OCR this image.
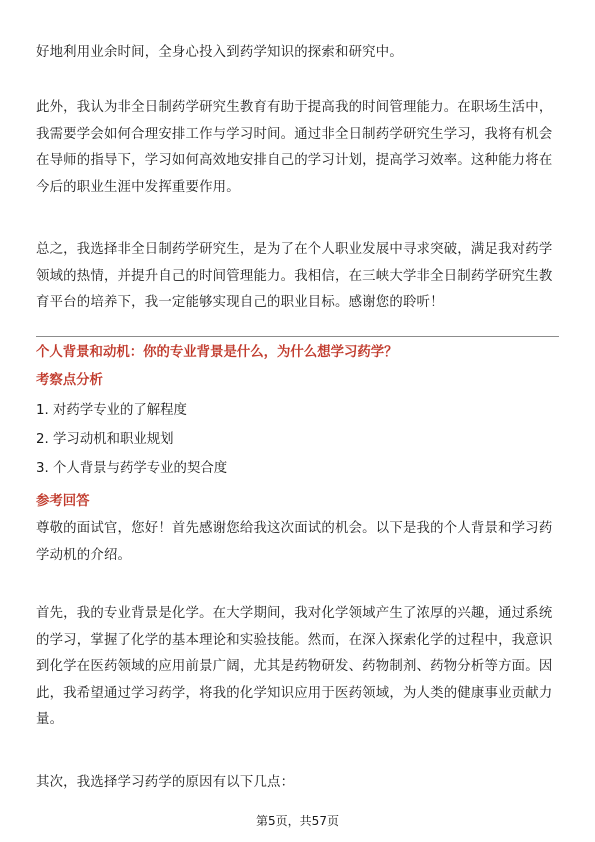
好地利用业余时间，全身心投入到药学知识的探索和研究中。

此外，我认为非全日制药学研究生教育有助于提高我的时间管理能力。在职场生活中，我需要学会如何合理安排工作与学习时间。通过非全日制药学研究生学习，我将有机会在导师的指导下，学习如何高效地安排自己的学习计划，提高学习效率。这种能力将在今后的职业生涯中发挥重要作用。

总之，我选择非全日制药学研究生，是为了在个人职业发展中寻求突破，满足我对药学领域的热情，并提升自己的时间管理能力。我相信，在三峡大学非全日制药学研究生教育平台的培养下，我一定能够实现自己的职业目标。感谢您的聆听！

个人背景和动机：你的专业背景是什么，为什么想学习药学？
考察点分析
1. 对药学专业的了解程度
2. 学习动机和职业规划
3. 个人背景与药学专业的契合度
参考回答

尊敬的面试官，您好！首先感谢您给我这次面试的机会。以下是我的个人背景和学习药学动机的介绍。

首先，我的专业背景是化学。在大学期间，我对化学领域产生了浓厚的兴趣，通过系统的学习，掌握了化学的基本理论和实验技能。然而，在深入探索化学的过程中，我意识到化学在医药领域的应用前景广阔，尤其是药物研发、药物制剂、药物分析等方面。因此，我希望通过学习药学，将我的化学知识应用于医药领域，为人类的健康事业贡献力量。

其次，我选择学习药学的原因有以下几点：

第5页，共57页
